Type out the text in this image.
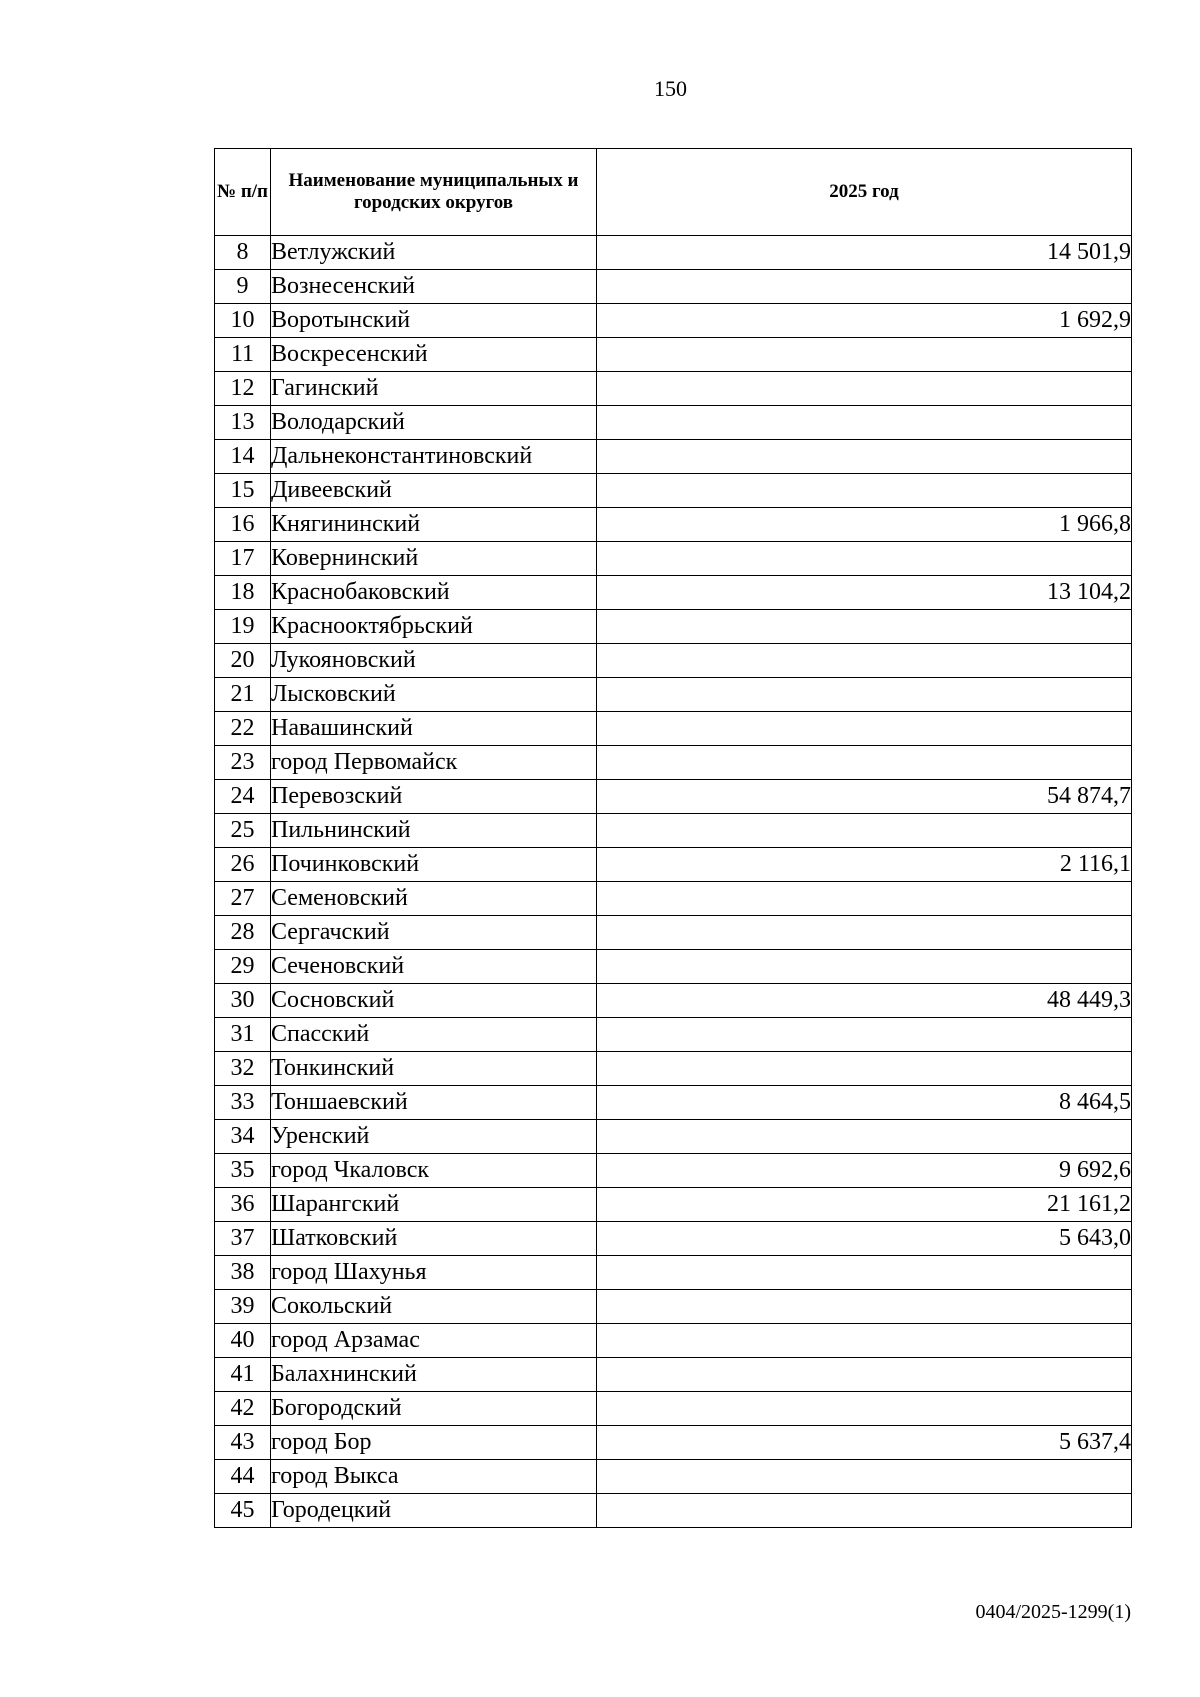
150
№ п/п	Наименование муниципальных и городских округов	2025 год
8	Ветлужский	14 501,9
9	Вознесенский	
10	Воротынский	1 692,9
11	Воскресенский	
12	Гагинский	
13	Володарский	
14	Дальнеконстантиновский	
15	Дивеевский	
16	Княгининский	1 966,8
17	Ковернинский	
18	Краснобаковский	13 104,2
19	Краснооктябрьский	
20	Лукояновский	
21	Лысковский	
22	Навашинский	
23	город Первомайск	
24	Перевозский	54 874,7
25	Пильнинский	
26	Починковский	2 116,1
27	Семеновский	
28	Сергачский	
29	Сеченовский	
30	Сосновский	48 449,3
31	Спасский	
32	Тонкинский	
33	Тоншаевский	8 464,5
34	Уренский	
35	город Чкаловск	9 692,6
36	Шарангский	21 161,2
37	Шатковский	5 643,0
38	город Шахунья	
39	Сокольский	
40	город Арзамас	
41	Балахнинский	
42	Богородский	
43	город Бор	5 637,4
44	город Выкса	
45	Городецкий	
0404/2025-1299(1)
